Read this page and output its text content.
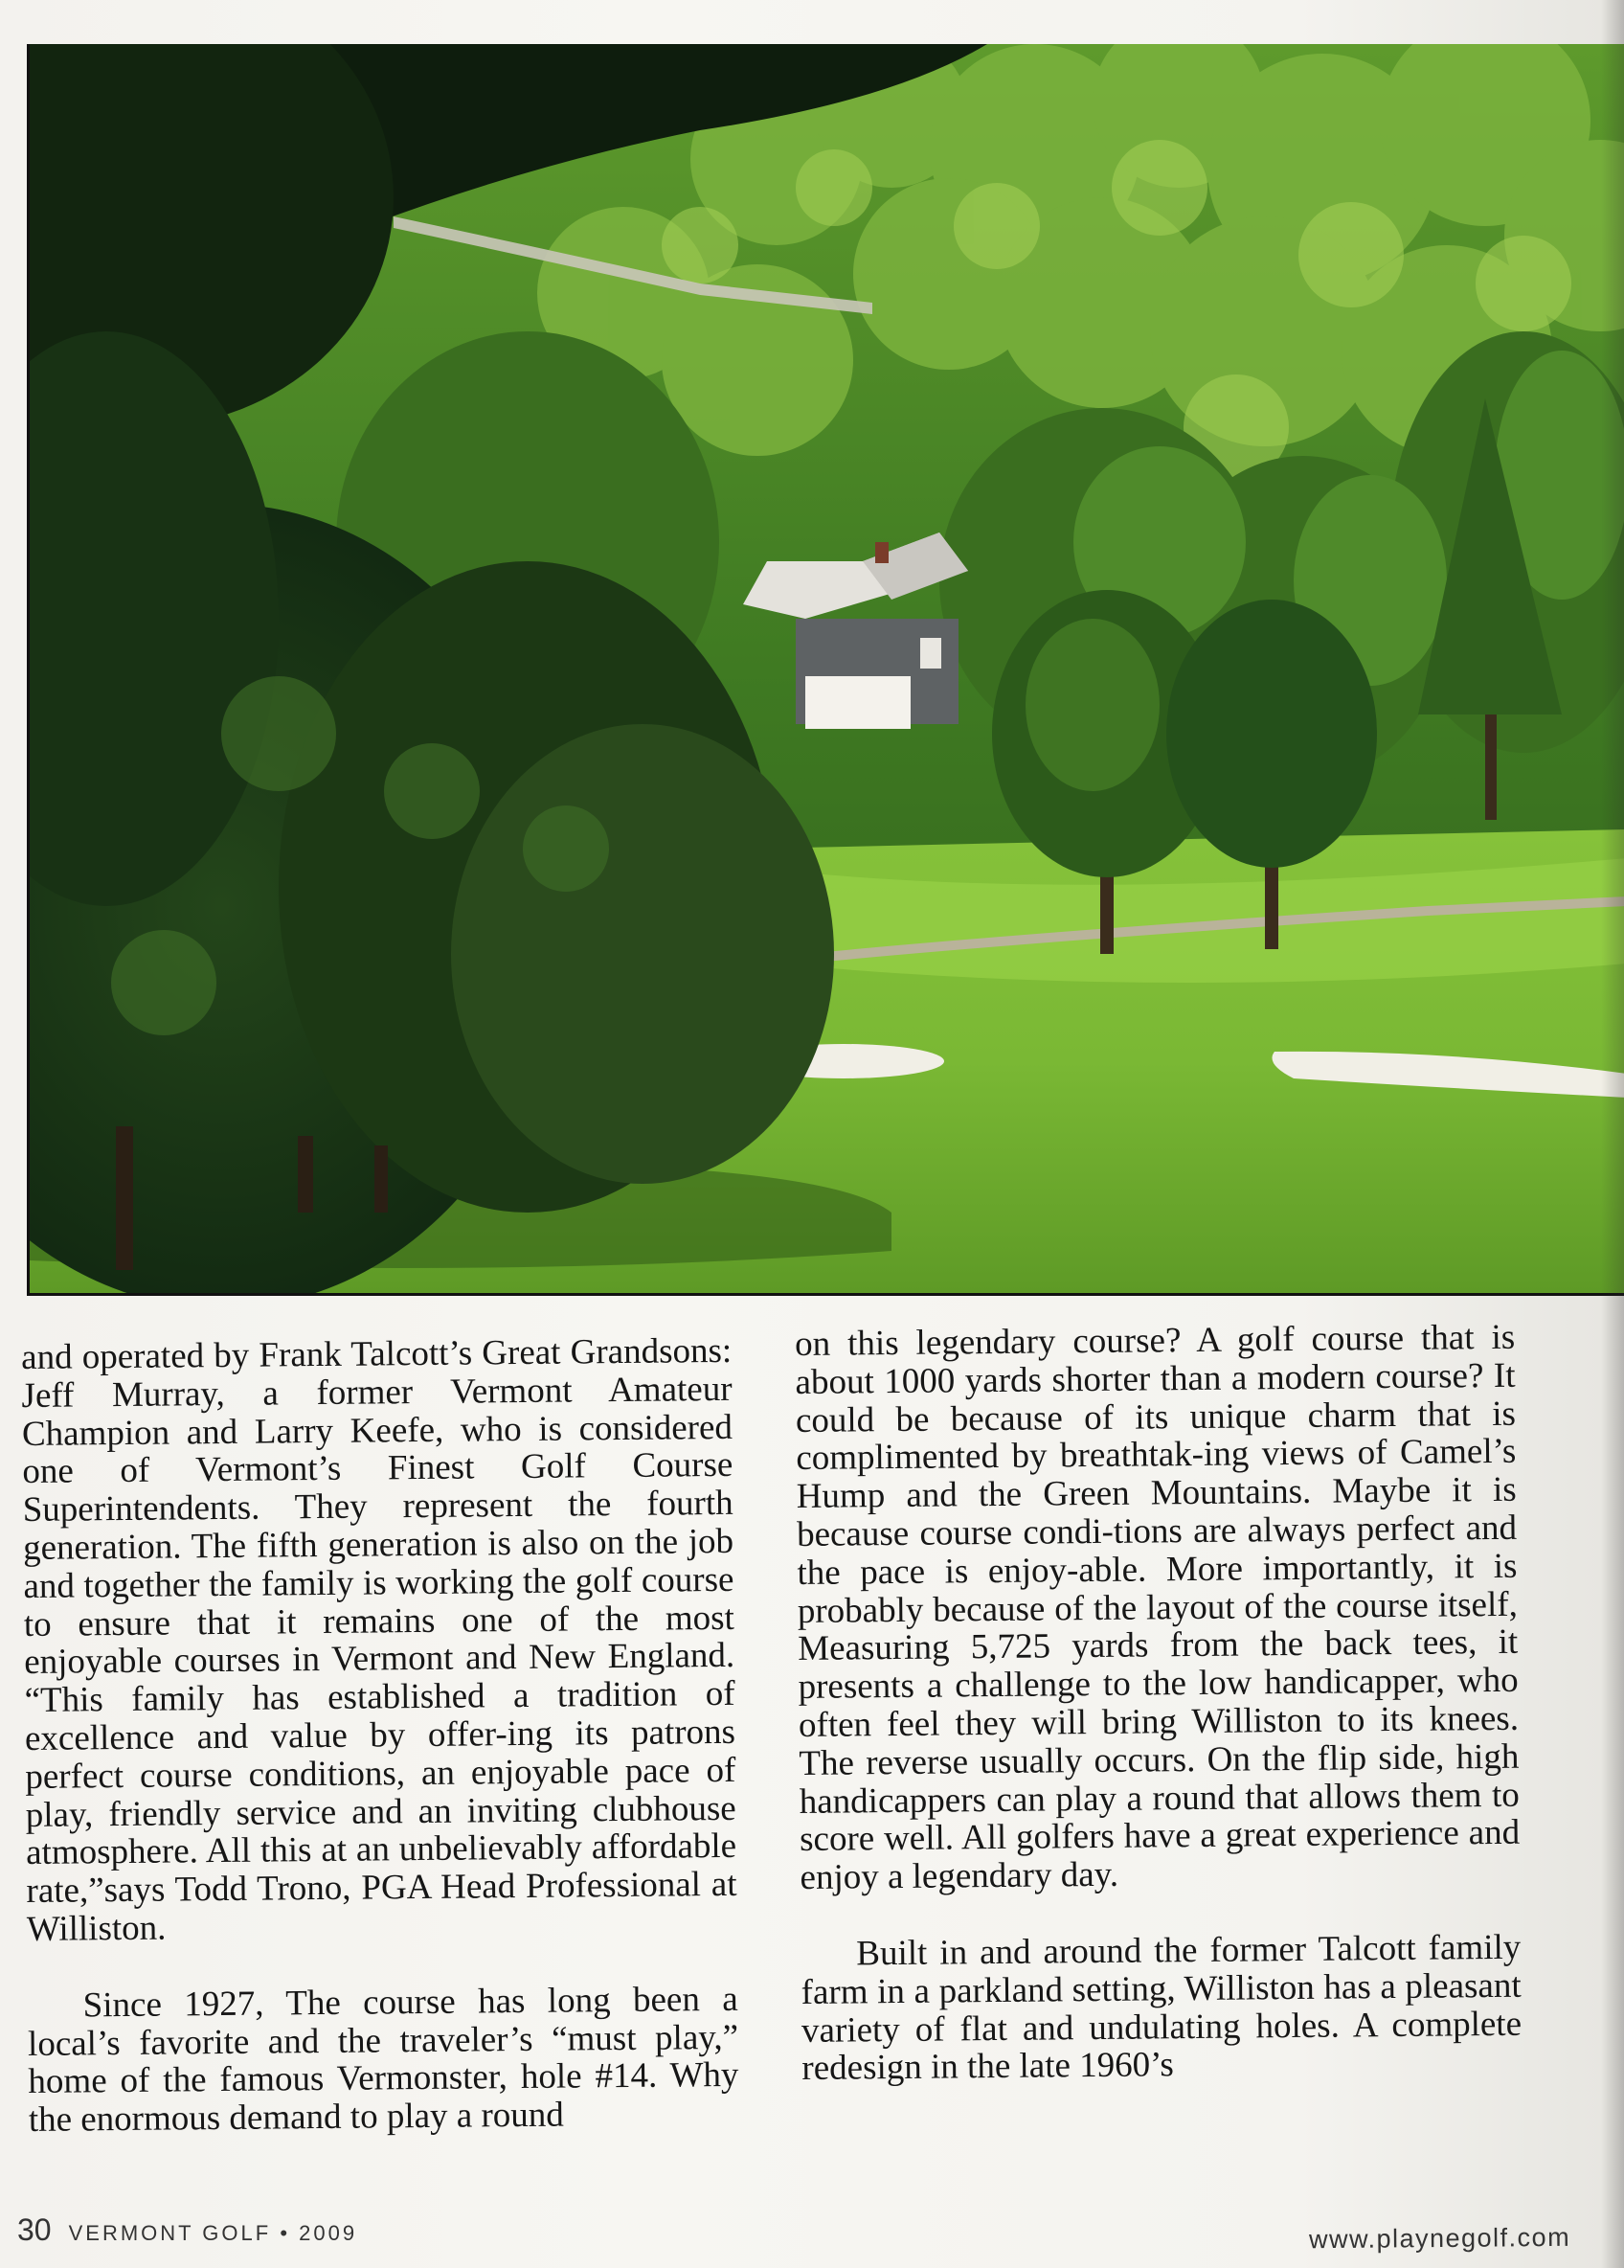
and operated by Frank Talcott’s Great Grandsons: Jeff Murray, a former Vermont Amateur Champion and Larry Keefe, who is considered one of Vermont’s Finest Golf Course Superintendents. They represent the fourth generation. The fifth generation is also on the job and together the family is working the golf course to ensure that it remains one of the most enjoyable courses in Vermont and New England. “This family has established a tradition of excellence and value by offer-ing its patrons perfect course conditions, an enjoyable pace of play, friendly service and an inviting clubhouse atmosphere. All this at an unbelievably affordable rate,”says Todd Trono, PGA Head Professional at Williston.

Since 1927, The course has long been a local’s favorite and the traveler’s “must play,” home of the famous Vermonster, hole #14. Why the enormous demand to play a round

on this legendary course? A golf course that is about 1000 yards shorter than a modern course? It could be because of its unique charm that is complimented by breathtak-ing views of Camel’s Hump and the Green Mountains. Maybe it is because course condi-tions are always perfect and the pace is enjoy-able. More importantly, it is probably because of the layout of the course itself, Measuring 5,725 yards from the back tees, it presents a challenge to the low handicapper, who often feel they will bring Williston to its knees. The reverse usually occurs. On the flip side, high handicappers can play a round that allows them to score well. All golfers have a great experience and enjoy a legendary day.

Built in and around the former Talcott family farm in a parkland setting, Williston has a pleasant variety of flat and undulating holes. A complete redesign in the late 1960’s

30 VERMONT GOLF • 2009	www.playnegolf.com
